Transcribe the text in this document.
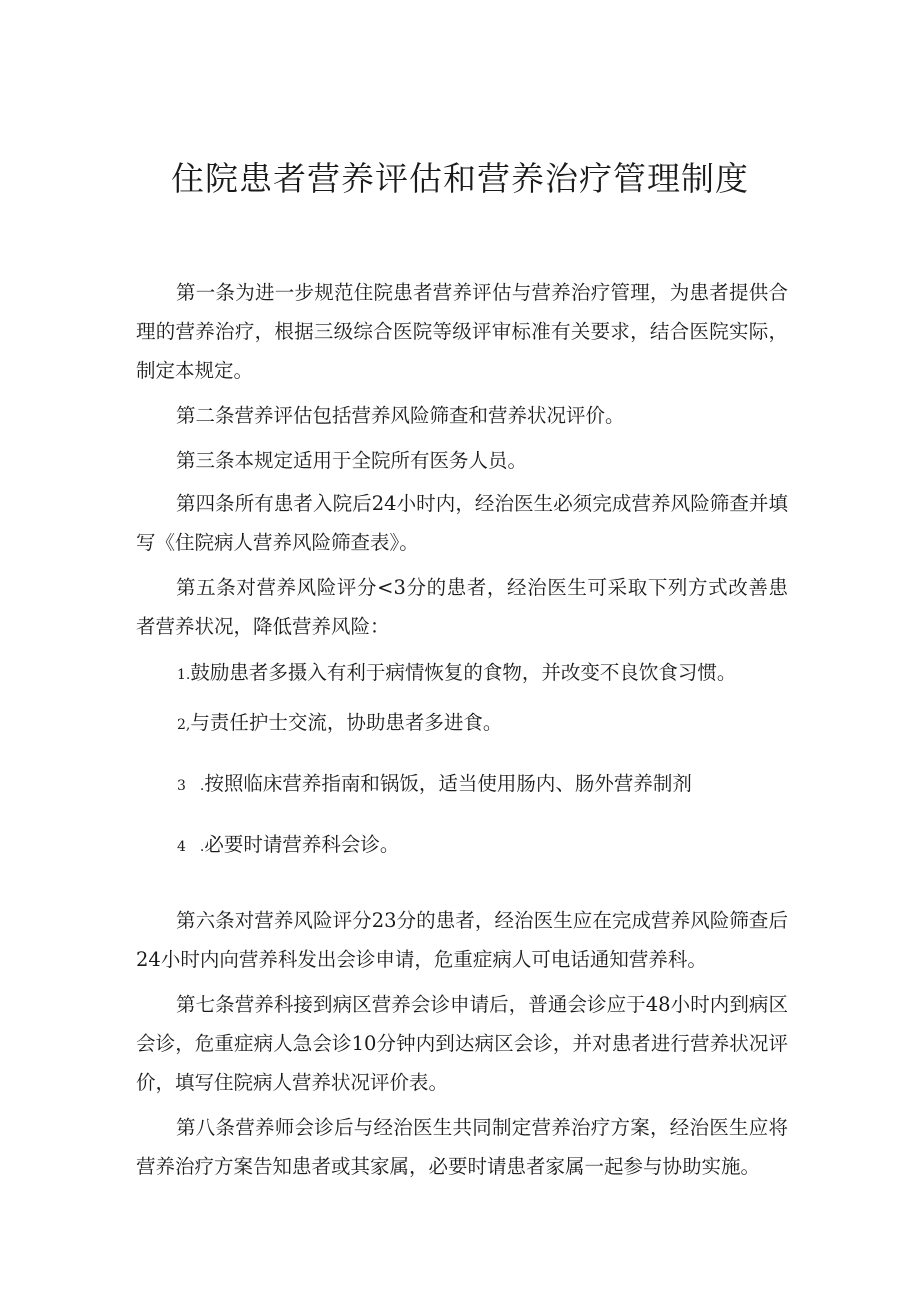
住院患者营养评估和营养治疗管理制度

第一条为进一步规范住院患者营养评估与营养治疗管理，为患者提供合理的营养治疗，根据三级综合医院等级评审标准有关要求，结合医院实际，制定本规定。

第二条营养评估包括营养风险筛查和营养状况评价。

第三条本规定适用于全院所有医务人员。

第四条所有患者入院后24小时内，经治医生必须完成营养风险筛查并填写《住院病人营养风险筛查表》。

第五条对营养风险评分<3分的患者，经治医生可采取下列方式改善患者营养状况，降低营养风险：

1.鼓励患者多摄入有利于病情恢复的食物，并改变不良饮食习惯。

2,与责任护士交流，协助患者多进食。

3　.按照临床营养指南和锅饭，适当使用肠内、肠外营养制剂

4　.必要时请营养科会诊。

第六条对营养风险评分23分的患者，经治医生应在完成营养风险筛查后24小时内向营养科发出会诊申请，危重症病人可电话通知营养科。

第七条营养科接到病区营养会诊申请后，普通会诊应于48小时内到病区会诊，危重症病人急会诊10分钟内到达病区会诊，并对患者进行营养状况评价，填写住院病人营养状况评价表。

第八条营养师会诊后与经治医生共同制定营养治疗方案，经治医生应将营养治疗方案告知患者或其家属，必要时请患者家属一起参与协助实施。
